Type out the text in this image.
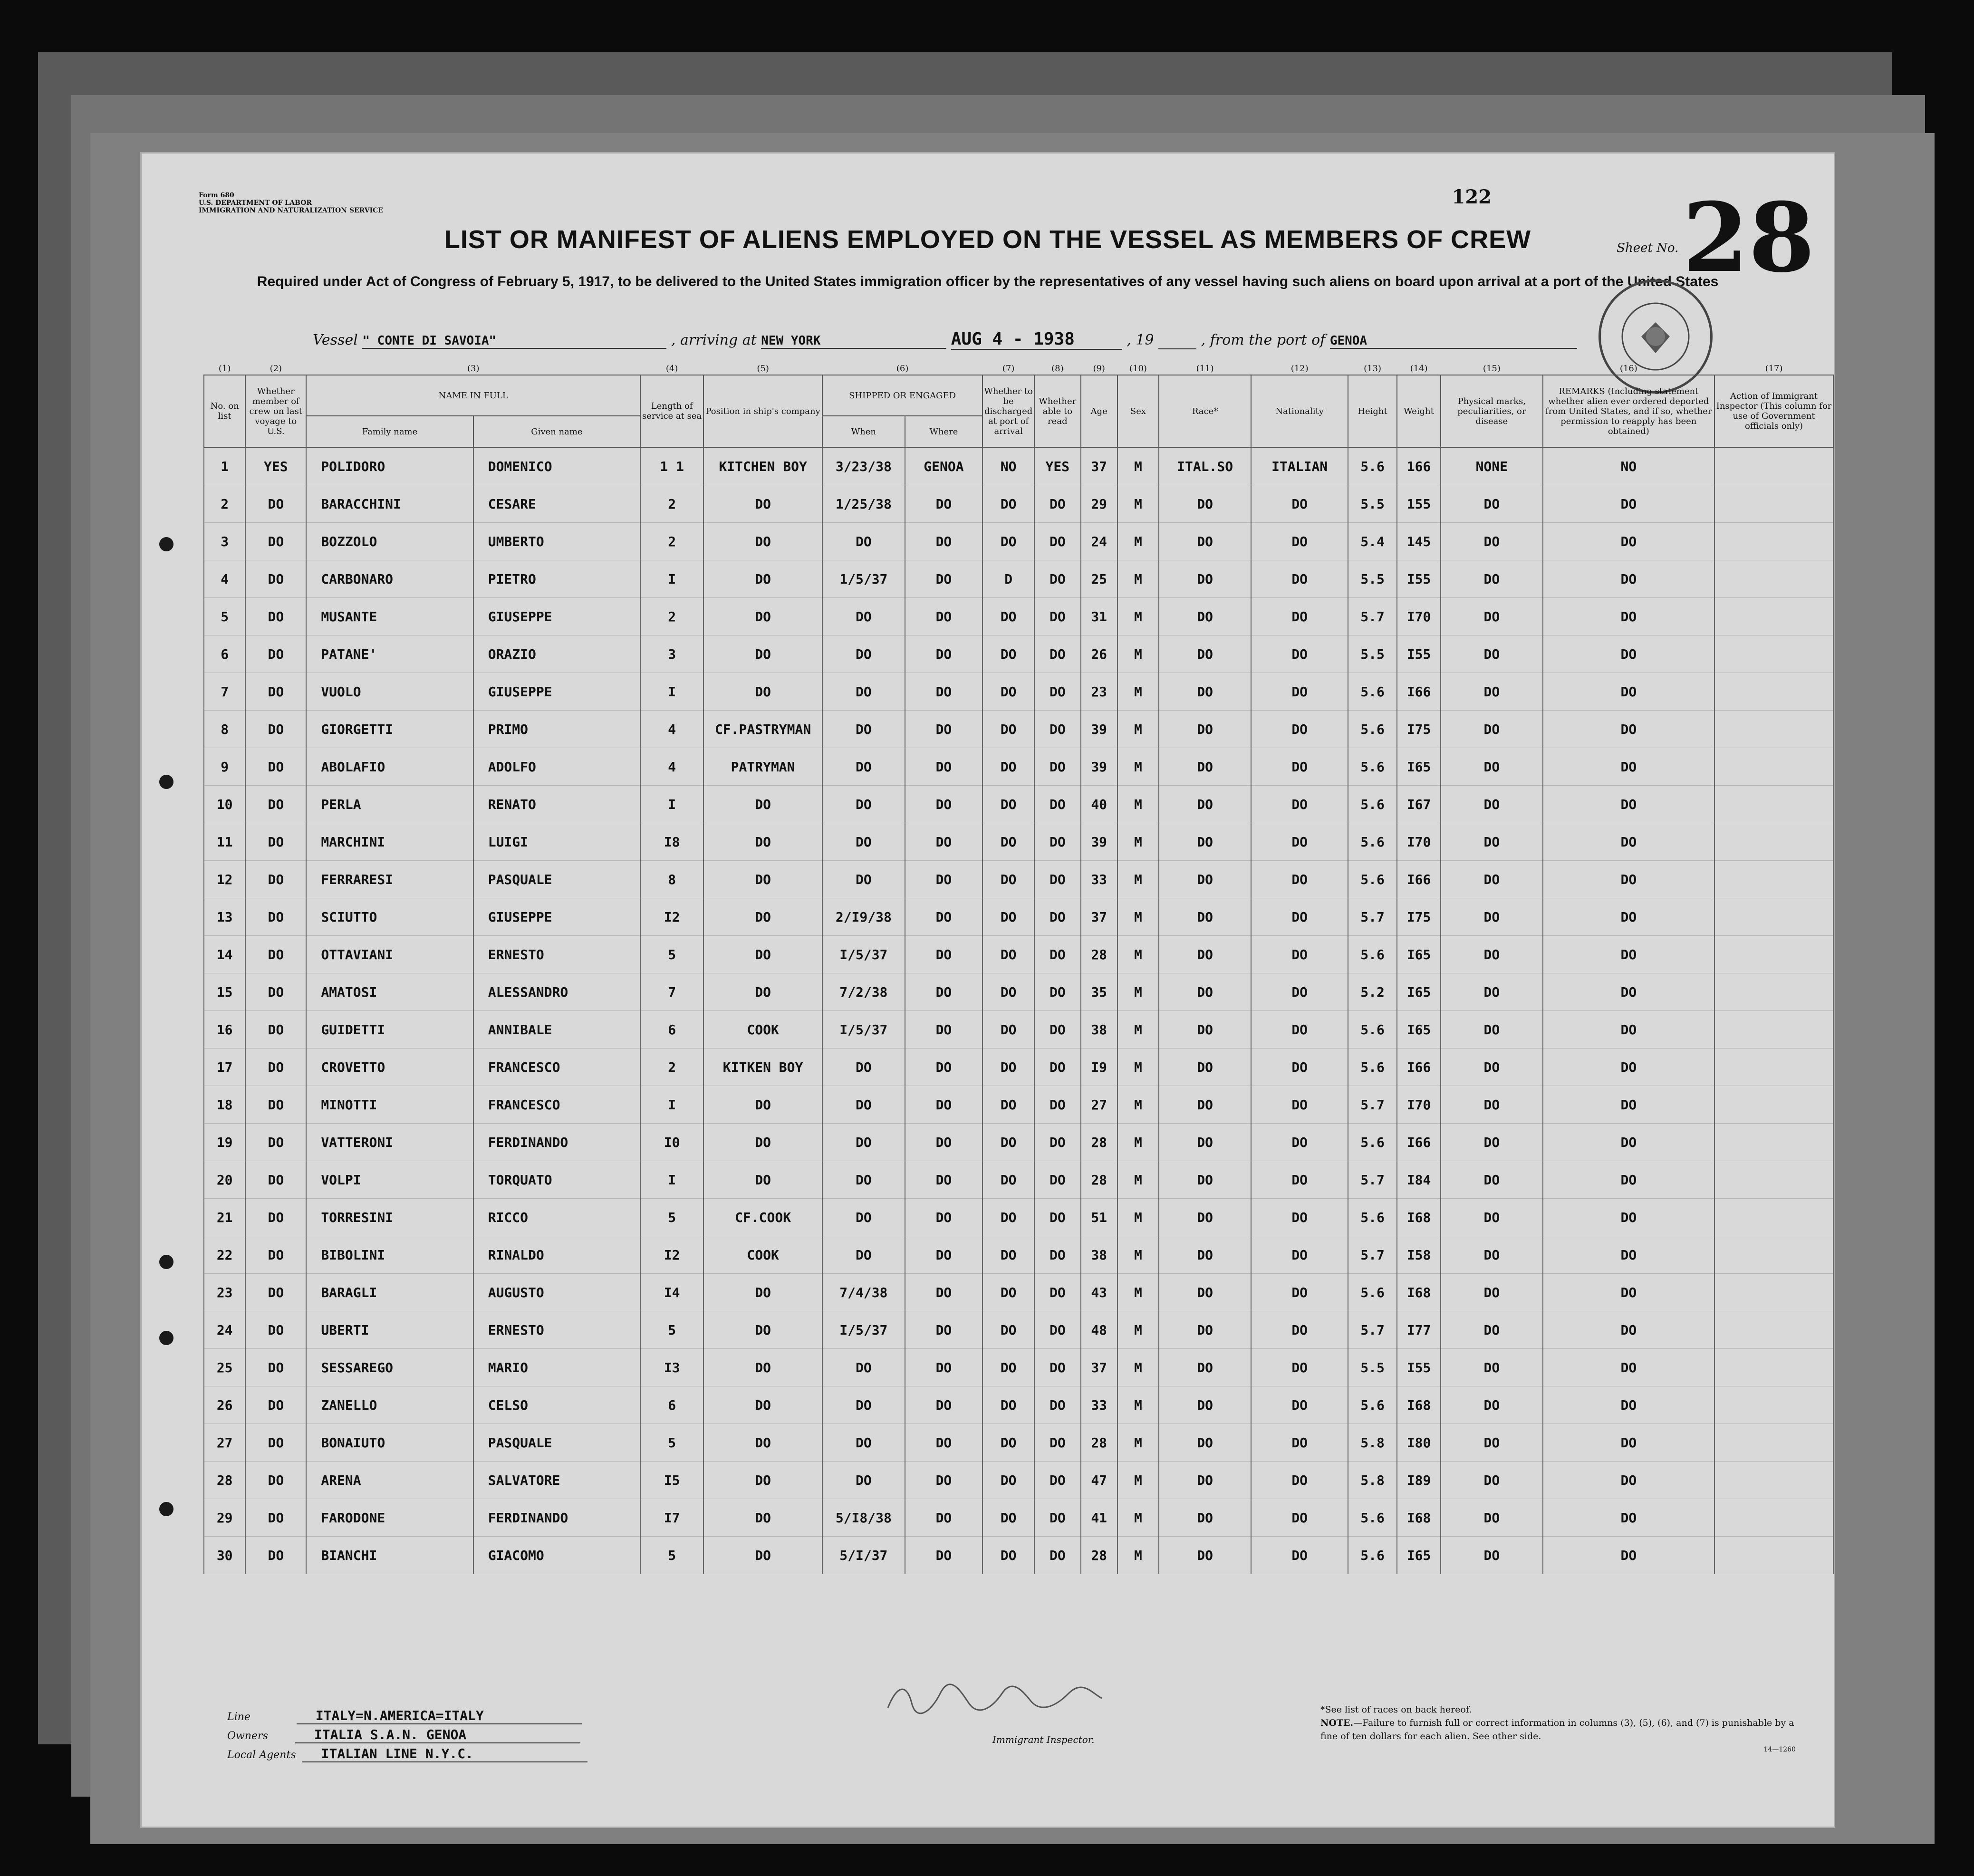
Form 680
U.S. DEPARTMENT OF LABOR
IMMIGRATION AND NATURALIZATION SERVICE
122
Sheet No. 28
LIST OR MANIFEST OF ALIENS EMPLOYED ON THE VESSEL AS MEMBERS OF CREW
Required under Act of Congress of February 5, 1917, to be delivered to the United States immigration officer by the representatives of any vessel having such aliens on board upon arrival at a port of the United States
Vessel " CONTE DI SAVOIA"	, arriving at NEW YORK	AUG 4 - 1938	, 19	, from the port of GENOA
(1)	(2)	(3)		(4)	(5)	(6)		(7)	(8)	(9)	(10)	(11)	(12)	(13)	(14)	(15)	(16)	(17)
No. on list	Whether member of crew on last voyage to U.S.	NAME IN FULL		Length of service at sea	Position in ship's company	SHIPPED OR ENGAGED		Whether to be discharged at port of arrival	Whether able to read	Age	Sex	Race*	Nationality	Height	Weight	Physical marks, peculiarities, or disease	REMARKS (Including statement whether alien ever ordered deported from United States, and if so, whether permission to reapply has been obtained)	Action of Immigrant Inspector (This column for use of Government officials only)
		Family name	Given name			When	Where											
1	YES	POLIDORO	DOMENICO	1 1	KITCHEN BOY	3/23/38	GENOA	NO	YES	37	M	ITAL.SO	ITALIAN	5.6	166	NONE	NO	
2	DO	BARACCHINI	CESARE	2	DO	1/25/38	DO	DO	DO	29	M	DO	DO	5.5	155	DO	DO	
3	DO	BOZZOLO	UMBERTO	2	DO	DO	DO	DO	DO	24	M	DO	DO	5.4	145	DO	DO	
4	DO	CARBONARO	PIETRO	I	DO	1/5/37	DO	D	DO	25	M	DO	DO	5.5	I55	DO	DO	
5	DO	MUSANTE	GIUSEPPE	2	DO	DO	DO	DO	DO	31	M	DO	DO	5.7	I70	DO	DO	
6	DO	PATANE'	ORAZIO	3	DO	DO	DO	DO	DO	26	M	DO	DO	5.5	I55	DO	DO	
7	DO	VUOLO	GIUSEPPE	I	DO	DO	DO	DO	DO	23	M	DO	DO	5.6	I66	DO	DO	
8	DO	GIORGETTI	PRIMO	4	CF.PASTRYMAN	DO	DO	DO	DO	39	M	DO	DO	5.6	I75	DO	DO	
9	DO	ABOLAFIO	ADOLFO	4	PATRYMAN	DO	DO	DO	DO	39	M	DO	DO	5.6	I65	DO	DO	
10	DO	PERLA	RENATO	I	DO	DO	DO	DO	DO	40	M	DO	DO	5.6	I67	DO	DO	
11	DO	MARCHINI	LUIGI	I8	DO	DO	DO	DO	DO	39	M	DO	DO	5.6	I70	DO	DO	
12	DO	FERRARESI	PASQUALE	8	DO	DO	DO	DO	DO	33	M	DO	DO	5.6	I66	DO	DO	
13	DO	SCIUTTO	GIUSEPPE	I2	DO	2/I9/38	DO	DO	DO	37	M	DO	DO	5.7	I75	DO	DO	
14	DO	OTTAVIANI	ERNESTO	5	DO	I/5/37	DO	DO	DO	28	M	DO	DO	5.6	I65	DO	DO	
15	DO	AMATOSI	ALESSANDRO	7	DO	7/2/38	DO	DO	DO	35	M	DO	DO	5.2	I65	DO	DO	
16	DO	GUIDETTI	ANNIBALE	6	COOK	I/5/37	DO	DO	DO	38	M	DO	DO	5.6	I65	DO	DO	
17	DO	CROVETTO	FRANCESCO	2	KITKEN BOY	DO	DO	DO	DO	I9	M	DO	DO	5.6	I66	DO	DO	
18	DO	MINOTTI	FRANCESCO	I	DO	DO	DO	DO	DO	27	M	DO	DO	5.7	I70	DO	DO	
19	DO	VATTERONI	FERDINANDO	I0	DO	DO	DO	DO	DO	28	M	DO	DO	5.6	I66	DO	DO	
20	DO	VOLPI	TORQUATO	I	DO	DO	DO	DO	DO	28	M	DO	DO	5.7	I84	DO	DO	
21	DO	TORRESINI	RICCO	5	CF.COOK	DO	DO	DO	DO	51	M	DO	DO	5.6	I68	DO	DO	
22	DO	BIBOLINI	RINALDO	I2	COOK	DO	DO	DO	DO	38	M	DO	DO	5.7	I58	DO	DO	
23	DO	BARAGLI	AUGUSTO	I4	DO	7/4/38	DO	DO	DO	43	M	DO	DO	5.6	I68	DO	DO	
24	DO	UBERTI	ERNESTO	5	DO	I/5/37	DO	DO	DO	48	M	DO	DO	5.7	I77	DO	DO	
25	DO	SESSAREGO	MARIO	I3	DO	DO	DO	DO	DO	37	M	DO	DO	5.5	I55	DO	DO	
26	DO	ZANELLO	CELSO	6	DO	DO	DO	DO	DO	33	M	DO	DO	5.6	I68	DO	DO	
27	DO	BONAIUTO	PASQUALE	5	DO	DO	DO	DO	DO	28	M	DO	DO	5.8	I80	DO	DO	
28	DO	ARENA	SALVATORE	I5	DO	DO	DO	DO	DO	47	M	DO	DO	5.8	I89	DO	DO	
29	DO	FARODONE	FERDINANDO	I7	DO	5/I8/38	DO	DO	DO	41	M	DO	DO	5.6	I68	DO	DO	
30	DO	BIANCHI	GIACOMO	5	DO	5/I/37	DO	DO	DO	28	M	DO	DO	5.6	I65	DO	DO	
Line	ITALY=N.AMERICA=ITALY
Owners	ITALIA S.A.N. GENOA
Local Agents ITALIAN LINE N.Y.C.
Immigrant Inspector.
*See list of races on back hereof.
NOTE.—Failure to furnish full or correct information in columns (3), (5), (6), and (7) is punishable by a fine of ten dollars for each alien. See other side.
14—1260
